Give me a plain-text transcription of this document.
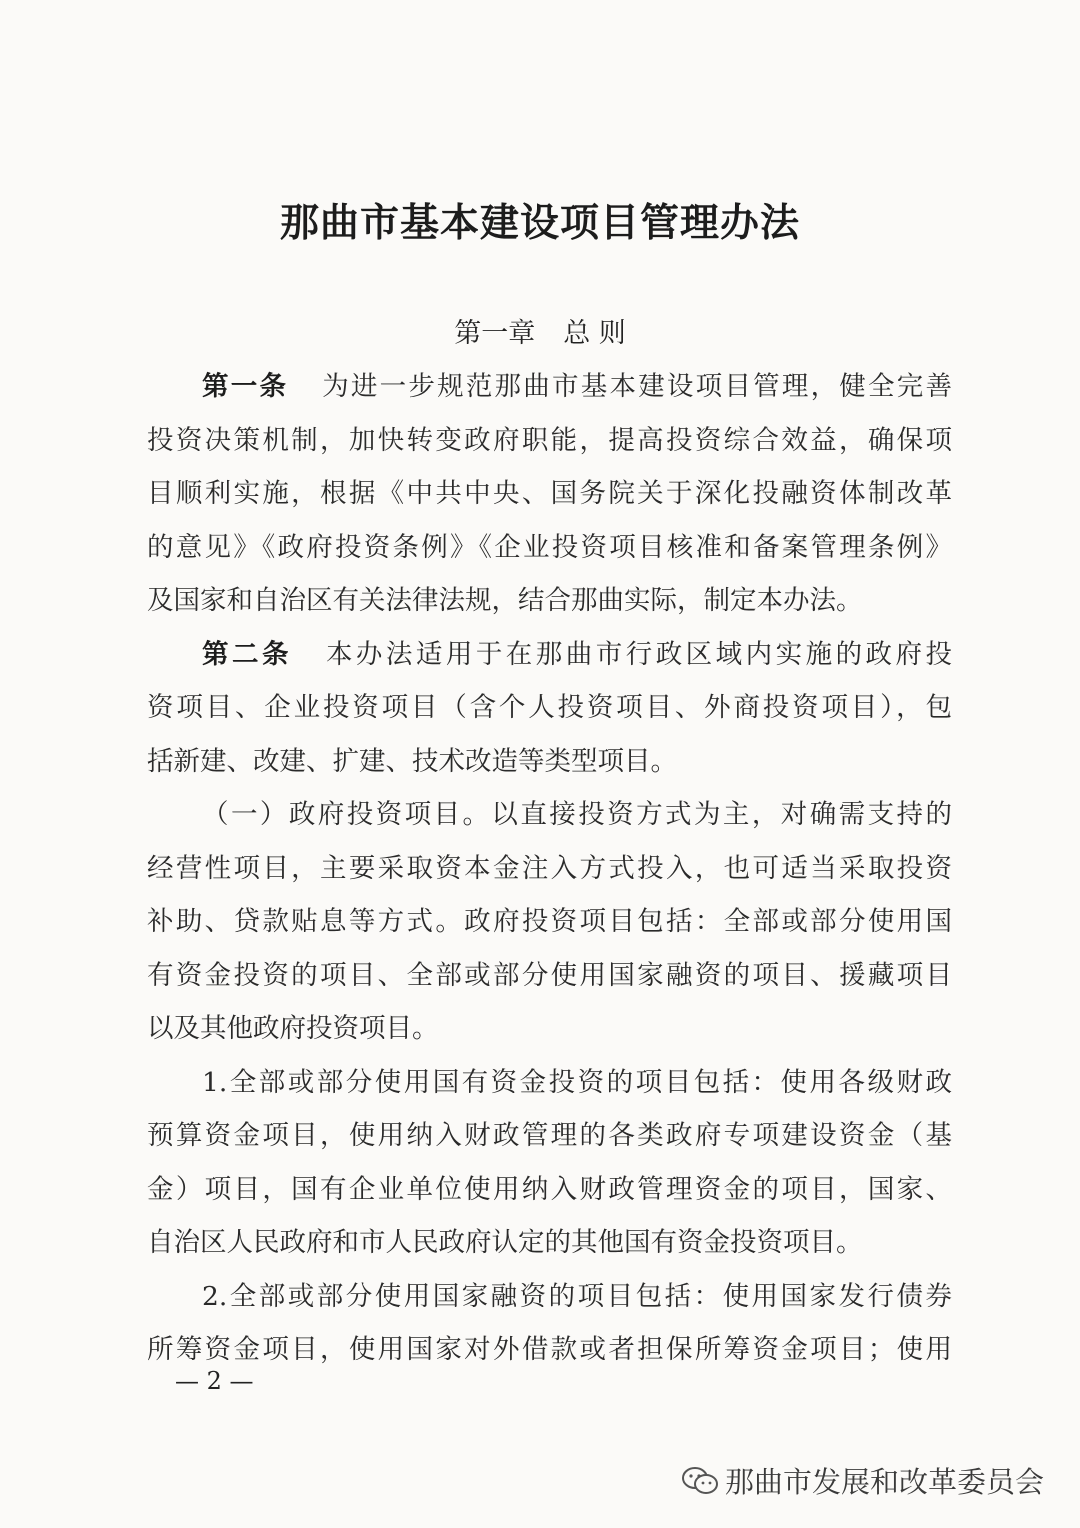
那曲市基本建设项目管理办法
第一章 总 则
第一条 为进一步规范那曲市基本建设项目管理，健全完善
投资决策机制，加快转变政府职能，提高投资综合效益，确保项
目顺利实施，根据《中共中央、国务院关于深化投融资体制改革
的意见》《政府投资条例》《企业投资项目核准和备案管理条例》
及国家和自治区有关法律法规，结合那曲实际，制定本办法。
第二条 本办法适用于在那曲市行政区域内实施的政府投
资项目、企业投资项目（含个人投资项目、外商投资项目），包
括新建、改建、扩建、技术改造等类型项目。
（一）政府投资项目。以直接投资方式为主，对确需支持的
经营性项目，主要采取资本金注入方式投入，也可适当采取投资
补助、贷款贴息等方式。政府投资项目包括：全部或部分使用国
有资金投资的项目、全部或部分使用国家融资的项目、援藏项目
以及其他政府投资项目。
1.全部或部分使用国有资金投资的项目包括：使用各级财政
预算资金项目，使用纳入财政管理的各类政府专项建设资金（基
金）项目，国有企业单位使用纳入财政管理资金的项目，国家、
自治区人民政府和市人民政府认定的其他国有资金投资项目。
2.全部或部分使用国家融资的项目包括：使用国家发行债券
所筹资金项目，使用国家对外借款或者担保所筹资金项目；使用
— 2 —
那曲市发展和改革委员会
